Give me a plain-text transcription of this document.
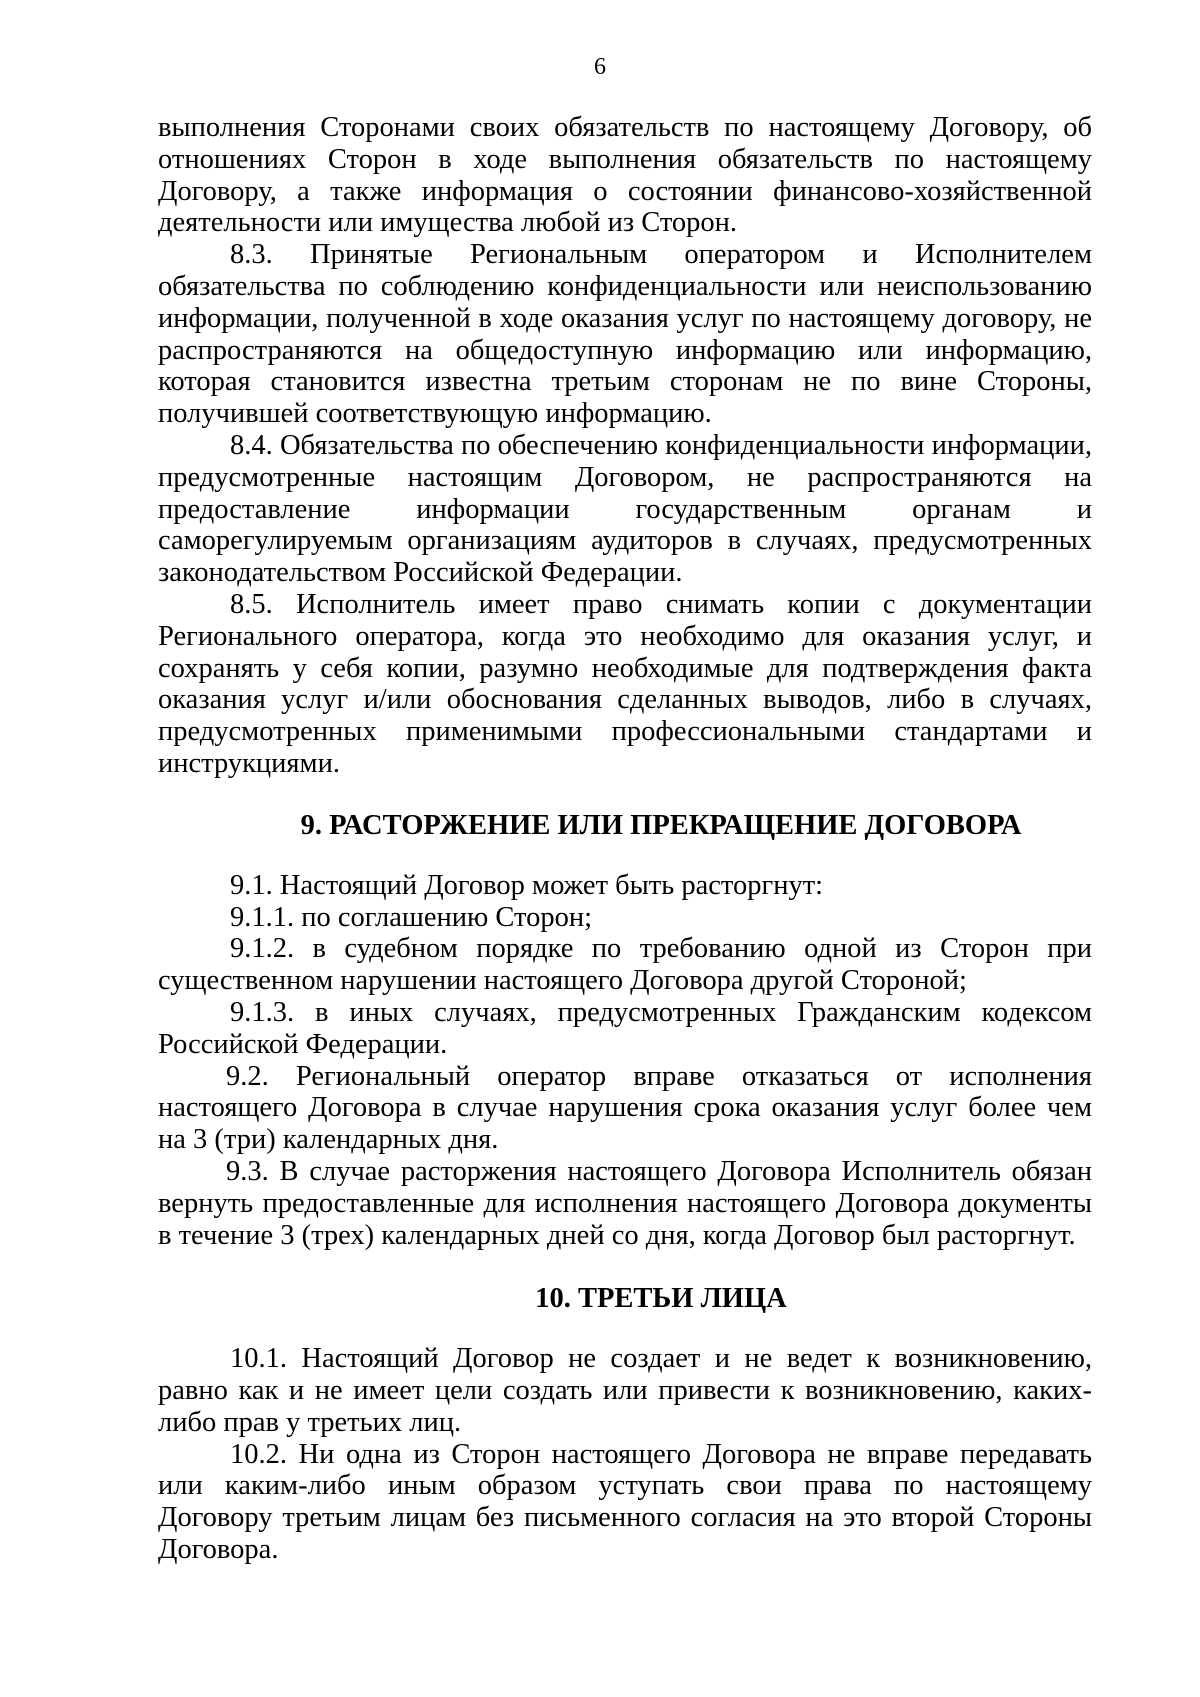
6

выполнения Сторонами своих обязательств по настоящему Договору, об отношениях Сторон в ходе выполнения обязательств по настоящему Договору, а также информация о состоянии финансово-хозяйственной деятельности или имущества любой из Сторон.

8.3. Принятые Региональным оператором и Исполнителем обязательства по соблюдению конфиденциальности или неиспользованию информации, полученной в ходе оказания услуг по настоящему договору, не распространяются на общедоступную информацию или информацию, которая становится известна третьим сторонам не по вине Стороны, получившей соответствующую информацию.

8.4. Обязательства по обеспечению конфиденциальности информации, предусмотренные настоящим Договором, не распространяются на предоставление информации государственным органам и саморегулируемым организациям аудиторов в случаях, предусмотренных законодательством Российской Федерации.

8.5. Исполнитель имеет право снимать копии с документации Регионального оператора, когда это необходимо для оказания услуг, и сохранять у себя копии, разумно необходимые для подтверждения факта оказания услуг и/или обоснования сделанных выводов, либо в случаях, предусмотренных применимыми профессиональными стандартами и инструкциями.

9. РАСТОРЖЕНИЕ ИЛИ ПРЕКРАЩЕНИЕ ДОГОВОРА

9.1. Настоящий Договор может быть расторгнут:

9.1.1. по соглашению Сторон;

9.1.2. в судебном порядке по требованию одной из Сторон при существенном нарушении настоящего Договора другой Стороной;

9.1.3. в иных случаях, предусмотренных Гражданским кодексом Российской Федерации.

9.2. Региональный оператор вправе отказаться от исполнения настоящего Договора в случае нарушения срока оказания услуг более чем на 3 (три) календарных дня.

9.3. В случае расторжения настоящего Договора Исполнитель обязан вернуть предоставленные для исполнения настоящего Договора документы в течение 3 (трех) календарных дней со дня, когда Договор был расторгнут.

10. ТРЕТЬИ ЛИЦА

10.1. Настоящий Договор не создает и не ведет к возникновению, равно как и не имеет цели создать или привести к возникновению, каких-либо прав у третьих лиц.

10.2. Ни одна из Сторон настоящего Договора не вправе передавать или каким-либо иным образом уступать свои права по настоящему Договору третьим лицам без письменного согласия на это второй Стороны Договора.
